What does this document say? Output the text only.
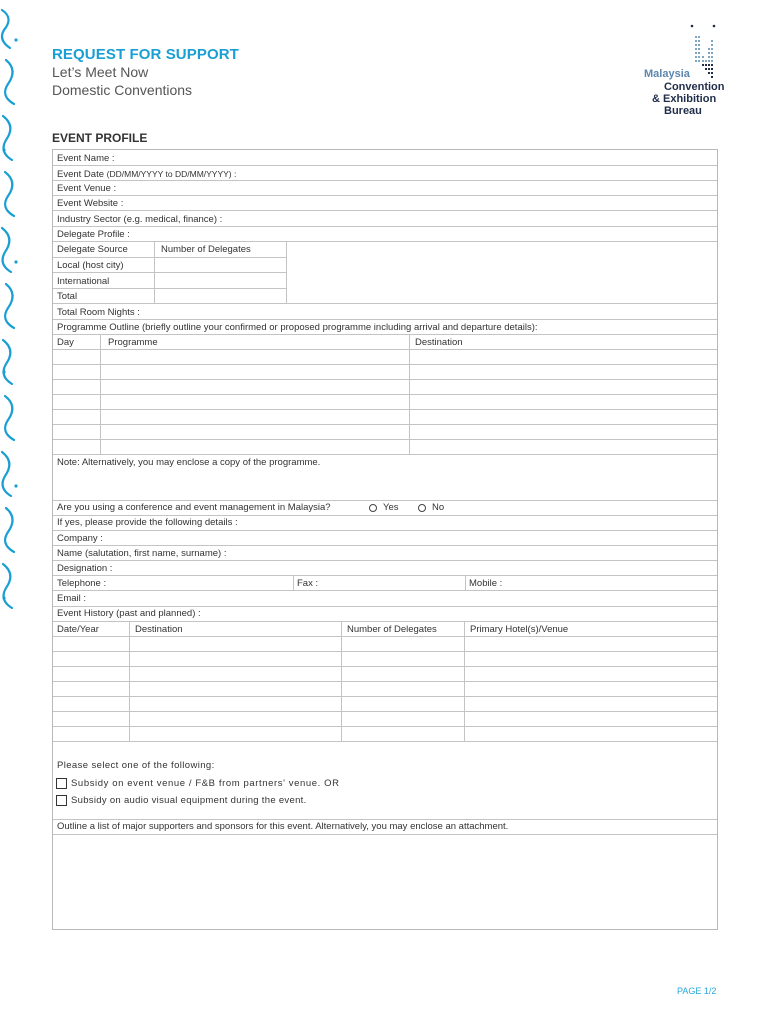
REQUEST FOR SUPPORT
Let’s Meet Now
Domestic Conventions
Malaysia
Convention
& Exhibition
Bureau
EVENT PROFILE
Event Name :
Event Date (DD/MM/YYYY to DD/MM/YYYY) :
Event Venue :
Event Website :
Industry Sector (e.g. medical, finance) :
Delegate Profile :
Delegate Source	Number of Delegates
Local (host city)
International
Total
Total Room Nights :
Programme Outline (briefly outline your confirmed or proposed programme including arrival and departure details):
Day	Programme	Destination
Note: Alternatively, you may enclose a copy of the programme.
Are you using a conference and event management in Malaysia?	Yes	No
If yes, please provide the following details :
Company :
Name (salutation, first name, surname) :
Designation :
Telephone :	Fax :	Mobile :
Email :
Event History (past and planned) :
Date/Year	Destination	Number of Delegates	Primary Hotel(s)/Venue
Please select one of the following:
Subsidy on event venue / F&B from partners' venue. OR
Subsidy on audio visual equipment during the event.
Outline a list of major supporters and sponsors for this event. Alternatively, you may enclose an attachment.
PAGE 1/2
